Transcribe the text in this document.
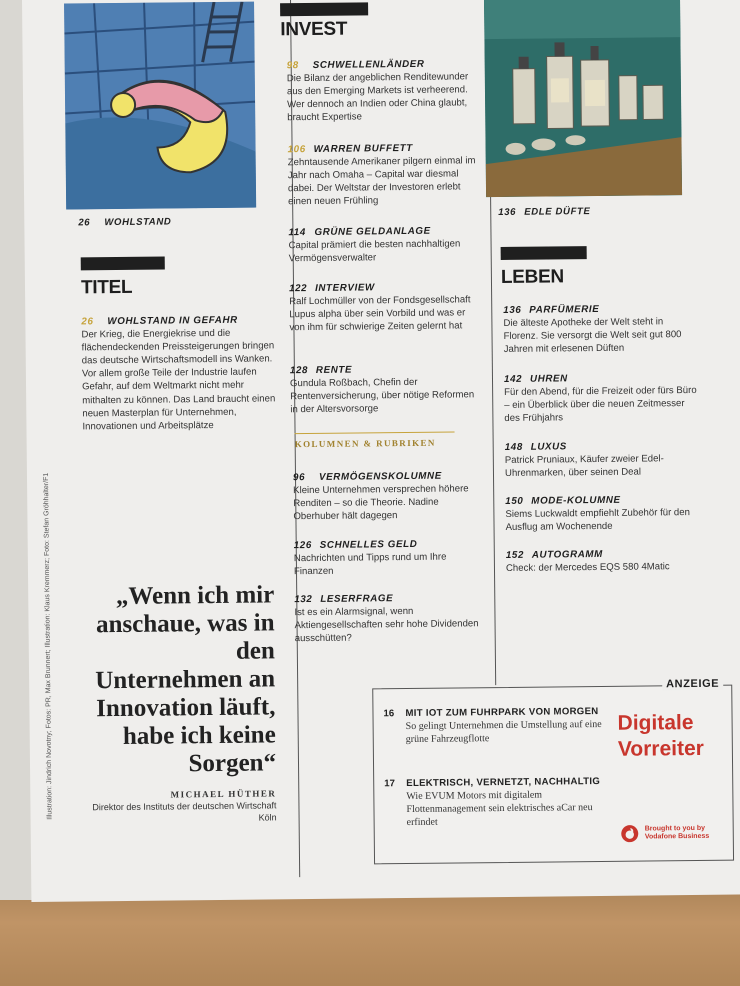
26 WOHLSTAND
TITEL
26 WOHLSTAND IN GEFAHR
Der Krieg, die Energiekrise und die flächendeckenden Preissteigerungen bringen das deutsche Wirtschaftsmodell ins Wanken. Vor allem große Teile der Industrie laufen Gefahr, auf dem Weltmarkt nicht mehr mithalten zu können. Das Land braucht einen neuen Masterplan für Unternehmen, Innovationen und Arbeitsplätze
„Wenn ich mir anschaue, was in den Unternehmen an Innovation läuft, habe ich keine Sorgen“
MICHAEL HÜTHER
Direktor des Instituts der deutschen Wirtschaft Köln
Illustration: Jindrich Novotny; Fotos: PR, Max Brunnert; Illustration: Klaus Kremmerz; Foto: Stefan Gröhhalter/F1
INVEST
98 SCHWELLENLÄNDER
Die Bilanz der angeblichen Renditewunder aus den Emerging Markets ist verheerend. Wer dennoch an Indien oder China glaubt, braucht Expertise
106 WARREN BUFFETT
Zehntausende Amerikaner pilgern einmal im Jahr nach Omaha – Capital war diesmal dabei. Der Weltstar der Investoren erlebt einen neuen Frühling
114 GRÜNE GELDANLAGE
Capital prämiert die besten nachhaltigen Vermögensverwalter
122 INTERVIEW
Ralf Lochmüller von der Fondsgesellschaft Lupus alpha über sein Vorbild und was er von ihm für schwierige Zeiten gelernt hat
128 RENTE
Gundula Roßbach, Chefin der Rentenversicherung, über nötige Reformen in der Altersvorsorge
KOLUMNEN & RUBRIKEN
96 VERMÖGENSKOLUMNE
Kleine Unternehmen versprechen höhere Renditen – so die Theorie. Nadine Oberhuber hält dagegen
126 SCHNELLES GELD
Nachrichten und Tipps rund um Ihre Finanzen
132 LESERFRAGE
Ist es ein Alarmsignal, wenn Aktiengesellschaften sehr hohe Dividenden ausschütten?
136 EDLE DÜFTE
LEBEN
136 PARFÜMERIE
Die älteste Apotheke der Welt steht in Florenz. Sie versorgt die Welt seit gut 800 Jahren mit erlesenen Düften
142 UHREN
Für den Abend, für die Freizeit oder fürs Büro – ein Überblick über die neuen Zeitmesser des Frühjahrs
148 LUXUS
Patrick Pruniaux, Käufer zweier Edel-Uhrenmarken, über seinen Deal
150 MODE-KOLUMNE
Siems Luckwaldt empfiehlt Zubehör für den Ausflug am Wochenende
152 AUTOGRAMM
Check: der Mercedes EQS 580 4Matic
ANZEIGE
16 MIT IOT ZUM FUHRPARK VON MORGEN
So gelingt Unternehmen die Umstellung auf eine grüne Fahrzeugflotte
17 ELEKTRISCH, VERNETZT, NACHHALTIG
Wie EVUM Motors mit digitalem Flottenmanagement sein elektrisches aCar neu erfindet
Digitale
Vorreiter
Brought to you by
Vodafone Business
